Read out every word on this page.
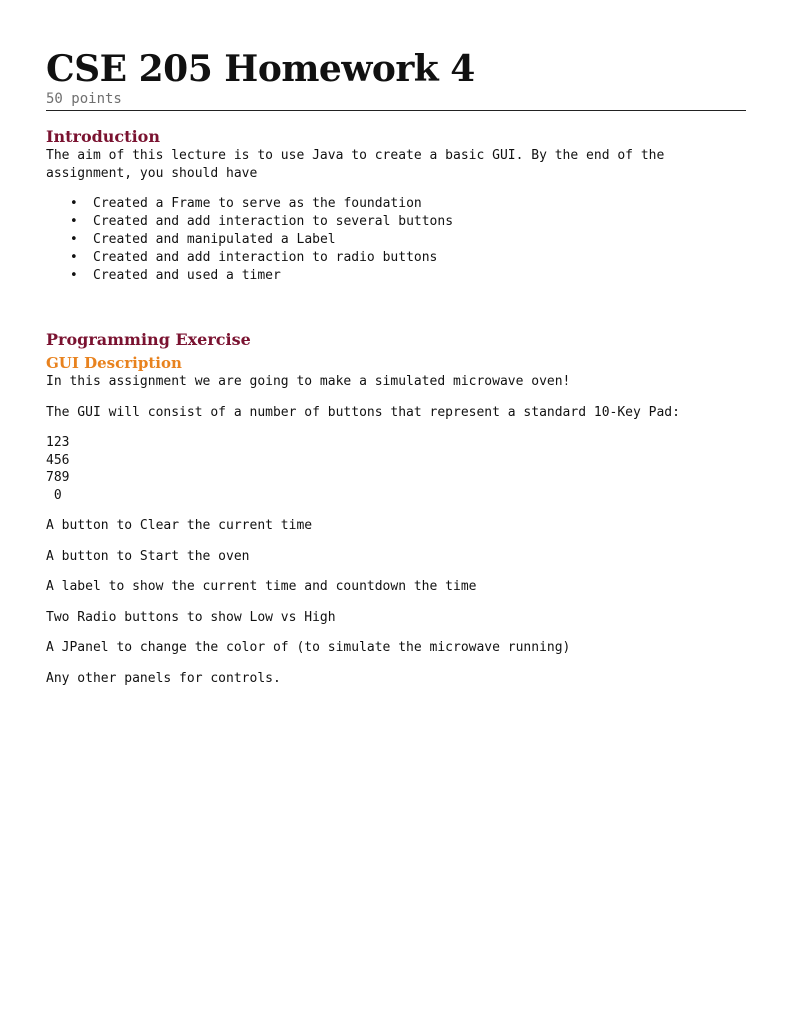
CSE 205 Homework 4

50 points

Introduction

The aim of this lecture is to use Java to create a basic GUI. By the end of the
assignment, you should have

• Created a Frame to serve as the foundation
• Created and add interaction to several buttons
• Created and manipulated a Label
• Created and add interaction to radio buttons
• Created and used a timer
Programming Exercise
GUI Description

In this assignment we are going to make a simulated microwave oven!

The GUI will consist of a number of buttons that represent a standard 10-Key Pad:

123
456
789
0

A button to Clear the current time

A button to Start the oven

A label to show the current time and countdown the time

Two Radio buttons to show Low vs High

A JPanel to change the color of (to simulate the microwave running)

Any other panels for controls.
